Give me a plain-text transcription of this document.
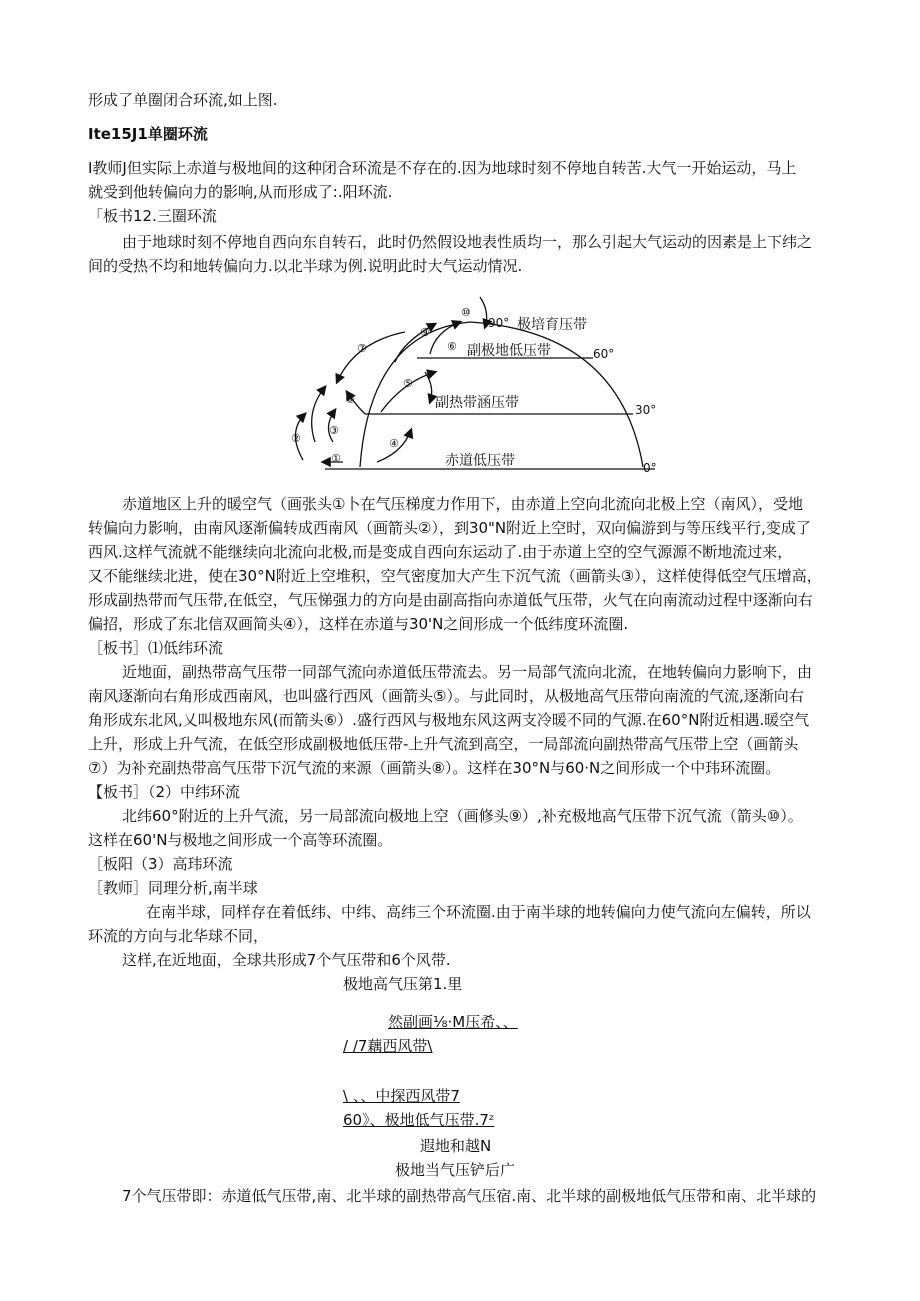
形成了单圈闭合环流,如上图.
Ite15J1单圈环流
I教师J但实际上赤道与极地间的这种闭合环流是不存在的.因为地球时刻不停地自转苦.大气一开始运动，马上
就受到他转偏向力的影响,从而形成了:.阳环流.
「板书12.三圈环流
由于地球时刻不停地自西向东自转石，此时仍然假设地表性质均一，那么引起大气运动的因素是上下纬之
间的受热不均和地转偏向力.以北半球为例.说明此时大气运动情况.
极培育压带
副极地低压带
副热带涵压带
赤道低压带
90°
60°
30°
0°
①
②
③
④
⑤
⑥
⑦
⑧
⑨
⑩
赤道地区上升的暖空气（画张头①卜在气压梯度力作用下，由赤道上空向北流向北极上空（南风），受地
转偏向力影响，由南风逐渐偏转成西南风（画箭头②），到30"N附近上空时，双向偏游到与等压线平行,变成了
西风.这样气流就不能继续向北流向北极,而是变成自西向东运动了.由于赤道上空的空气源源不断地流过来，
又不能继续北进，使在30°N附近上空堆积，空气密度加大产生下沉气流（画箭头③），这样使得低空气压增高，
形成副热带而气压带,在低空，气压悌强力的方向是由副高指向赤道低气压带，火气在向南流动过程中逐渐向右
偏招，形成了东北信双画简头④），这样在赤道与30'N之间形成一个低纬度环流圈.
［板书］⑴低纬环流
近地面，副热带高气压带一同部气流向赤道低压带流去。另一局部气流向北流，在地转偏向力影响下，由
南风逐渐向右角形成西南风，也叫盛行西风（画箭头⑤）。与此同时，从极地高气压带向南流的气流,逐渐向右
角形成东北风,乂叫极地东风(而箭头⑥）.盛行西风与极地东风这两支冷暖不同的气源.在60°N附近相遇.暖空气
上升，形成上升气流，在低空形成副极地低压带-上升气流到高空，一局部流向副热带高气压带上空（画箭头
⑦）为补充副热带高气压带下沉气流的来源（画箭头⑧）。这样在30°N与60·N之间形成一个中玮环流圈。
【板书］（2）中纬环流
北纬60°附近的上升气流，另一局部流向极地上空（画修头⑨）,补充极地高气压带下沉气流（箭头⑩）。
这样在60'N与极地之间形成一个高等环流圈。
［板阳（3）高玮环流
［教师］同理分析,南半球
在南半球，同样存在着低纬、中纬、高纬三个环流圈.由于南半球的地转偏向力使气流向左偏转，所以
环流的方向与北华球不同，
这样,在近地面，全球共形成7个气压带和6个风带.
极地高气压第1.里
然副画⅛·M压希、、
/ /7藕西风带\
\ 、、中探西风带7
60》、极地低气压带.7ᶻ
遐地和越N
极地当气压铲后广
7个气压带即：赤道低气压带,南、北半球的副热带高气压宿.南、北半球的副极地低气压带和南、北半球的
